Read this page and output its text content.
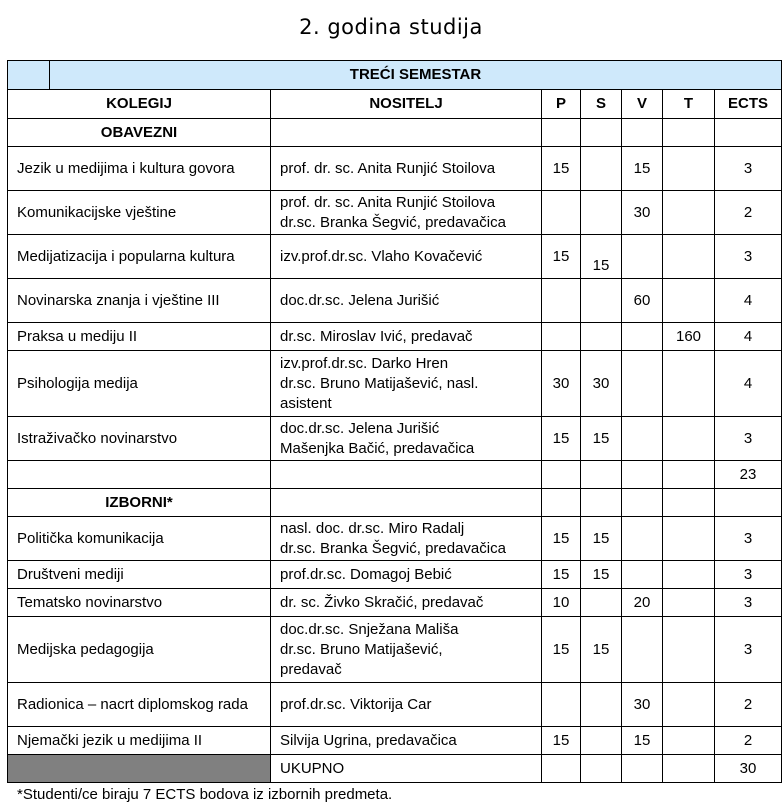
2. godina studija
	TREĆI SEMESTAR						
KOLEGIJ		NOSITELJ	P	S	V	T	ECTS
OBAVEZNI							
Jezik u medijima i kultura govora		prof. dr. sc. Anita Runjić Stoilova	15		15		3
Komunikacijske vještine		prof. dr. sc. Anita Runjić Stoilova
dr.sc. Branka Šegvić, predavačica			30		2
Medijatizacija i popularna kultura		izv.prof.dr.sc. Vlaho Kovačević	15	15			3
Novinarska znanja i vještine III		doc.dr.sc. Jelena Jurišić			60		4
Praksa u mediju II		dr.sc. Miroslav Ivić, predavač				160	4
Psihologija medija		izv.prof.dr.sc. Darko Hren
dr.sc. Bruno Matijašević, nasl.
asistent	30	30			4
Istraživačko novinarstvo		doc.dr.sc. Jelena Jurišić
Mašenjka Bačić, predavačica	15	15			3
							23
IZBORNI*							
Politička komunikacija		nasl. doc. dr.sc. Miro Radalj
dr.sc. Branka Šegvić, predavačica	15	15			3
Društveni mediji		prof.dr.sc. Domagoj Bebić	15	15			3
Tematsko novinarstvo		dr. sc. Živko Skračić, predavač	10		20		3
Medijska pedagogija		doc.dr.sc. Snježana Mališa
dr.sc. Bruno Matijašević,
predavač	15	15			3
Radionica – nacrt diplomskog rada		prof.dr.sc. Viktorija Car			30		2
Njemački jezik u medijima II		Silvija Ugrina, predavačica	15		15		2
		UKUPNO					30
*Studenti/ce biraju 7 ECTS bodova iz izbornih predmeta.
